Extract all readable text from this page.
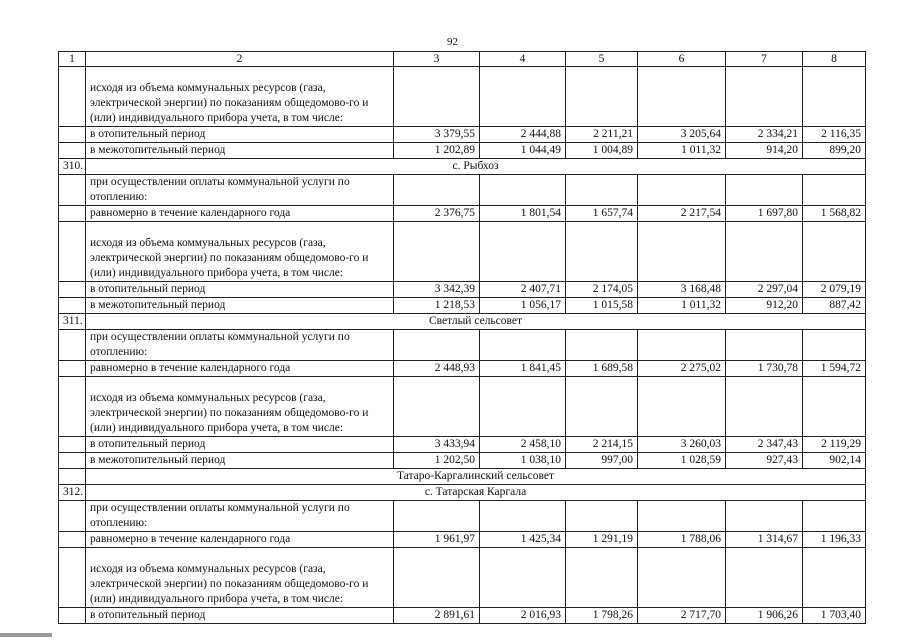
92
1	2	3	4	5	6	7	8
	исходя из объема коммунальных ресурсов (газа, электрической энергии) по показаниям общедомово-го и (или) индивидуального прибора учета, в том числе:						
	в отопительный период	3 379,55	2 444,88	2 211,21	3 205,64	2 334,21	2 116,35
	в межотопительный период	1 202,89	1 044,49	1 004,89	1 011,32	914,20	899,20
310.	с. Рыбхоз						
	при осуществлении оплаты коммунальной услуги по отоплению:						
	равномерно в течение календарного года	2 376,75	1 801,54	1 657,74	2 217,54	1 697,80	1 568,82
	исходя из объема коммунальных ресурсов (газа, электрической энергии) по показаниям общедомово-го и (или) индивидуального прибора учета, в том числе:						
	в отопительный период	3 342,39	2 407,71	2 174,05	3 168,48	2 297,04	2 079,19
	в межотопительный период	1 218,53	1 056,17	1 015,58	1 011,32	912,20	887,42
311.	Светлый сельсовет						
	при осуществлении оплаты коммунальной услуги по отоплению:						
	равномерно в течение календарного года	2 448,93	1 841,45	1 689,58	2 275,02	1 730,78	1 594,72
	исходя из объема коммунальных ресурсов (газа, электрической энергии) по показаниям общедомово-го и (или) индивидуального прибора учета, в том числе:						
	в отопительный период	3 433,94	2 458,10	2 214,15	3 260,03	2 347,43	2 119,29
	в межотопительный период	1 202,50	1 038,10	997,00	1 028,59	927,43	902,14
	Татаро-Каргалинский сельсовет						
312.	с. Татарская Каргала						
	при осуществлении оплаты коммунальной услуги по отоплению:						
	равномерно в течение календарного года	1 961,97	1 425,34	1 291,19	1 788,06	1 314,67	1 196,33
	исходя из объема коммунальных ресурсов (газа, электрической энергии) по показаниям общедомово-го и (или) индивидуального прибора учета, в том числе:						
	в отопительный период	2 891,61	2 016,93	1 798,26	2 717,70	1 906,26	1 703,40
